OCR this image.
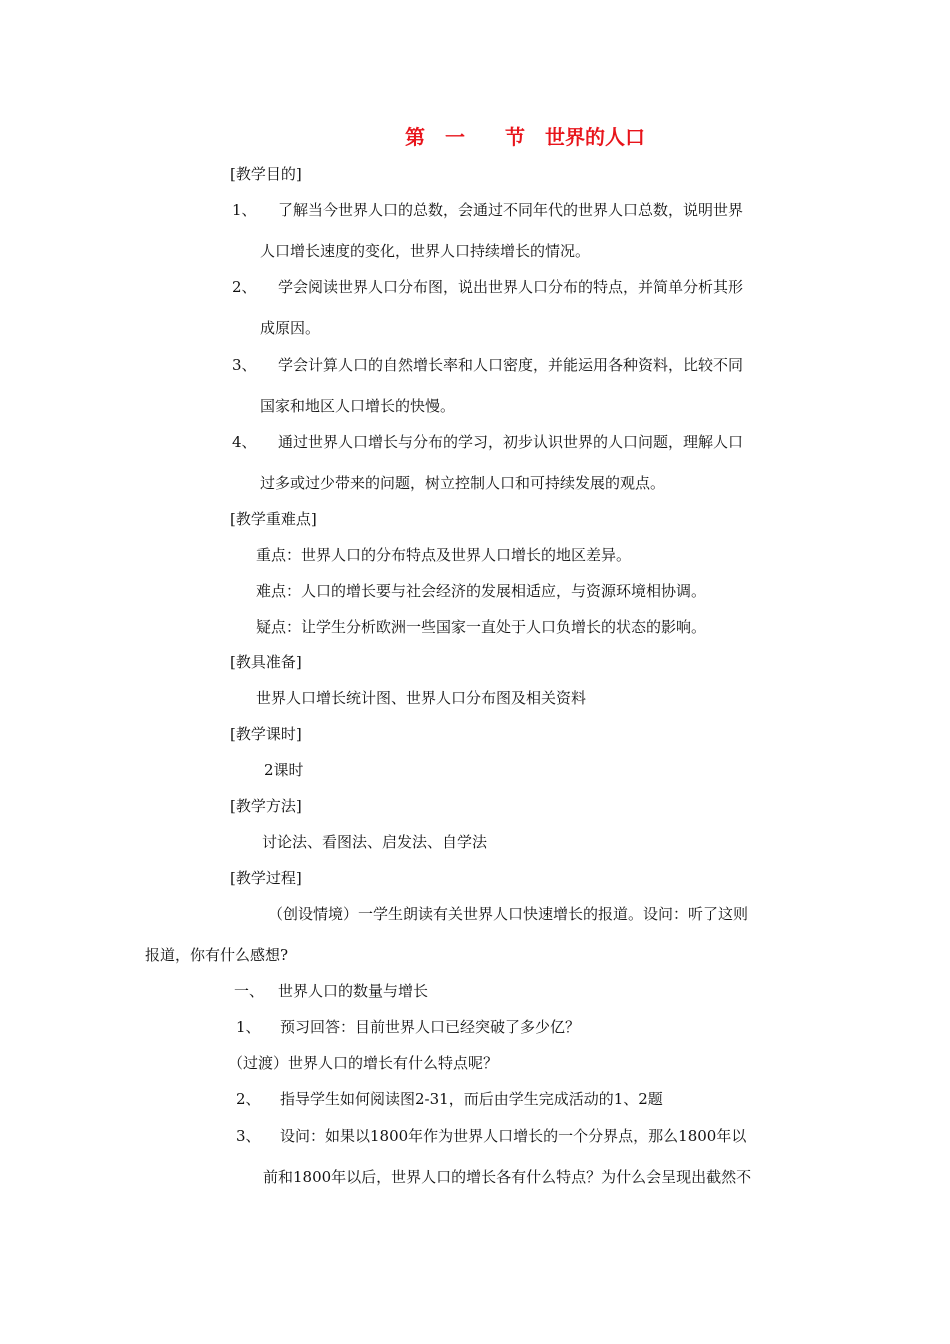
第　一　　节　世界的人口
[教学目的]
1、 了解当今世界人口的总数，会通过不同年代的世界人口总数，说明世界
人口增长速度的变化，世界人口持续增长的情况。
2、 学会阅读世界人口分布图，说出世界人口分布的特点，并简单分析其形
成原因。
3、 学会计算人口的自然增长率和人口密度，并能运用各种资料，比较不同
国家和地区人口增长的快慢。
4、 通过世界人口增长与分布的学习，初步认识世界的人口问题，理解人口
过多或过少带来的问题，树立控制人口和可持续发展的观点。
[教学重难点]
重点：世界人口的分布特点及世界人口增长的地区差异。
难点：人口的增长要与社会经济的发展相适应，与资源环境相协调。
疑点：让学生分析欧洲一些国家一直处于人口负增长的状态的影响。
[教具准备]
世界人口增长统计图、世界人口分布图及相关资料
[教学课时]
2课时
[教学方法]
讨论法、看图法、启发法、自学法
[教学过程]
（创设情境）一学生朗读有关世界人口快速增长的报道。设问：听了这则
报道，你有什么感想?
一、 世界人口的数量与增长
1、 预习回答：目前世界人口已经突破了多少亿？
（过渡）世界人口的增长有什么特点呢？
2、 指导学生如何阅读图2-31，而后由学生完成活动的1、2题
3、 设问：如果以1800年作为世界人口增长的一个分界点，那么1800年以
前和1800年以后，世界人口的增长各有什么特点？为什么会呈现出截然不
